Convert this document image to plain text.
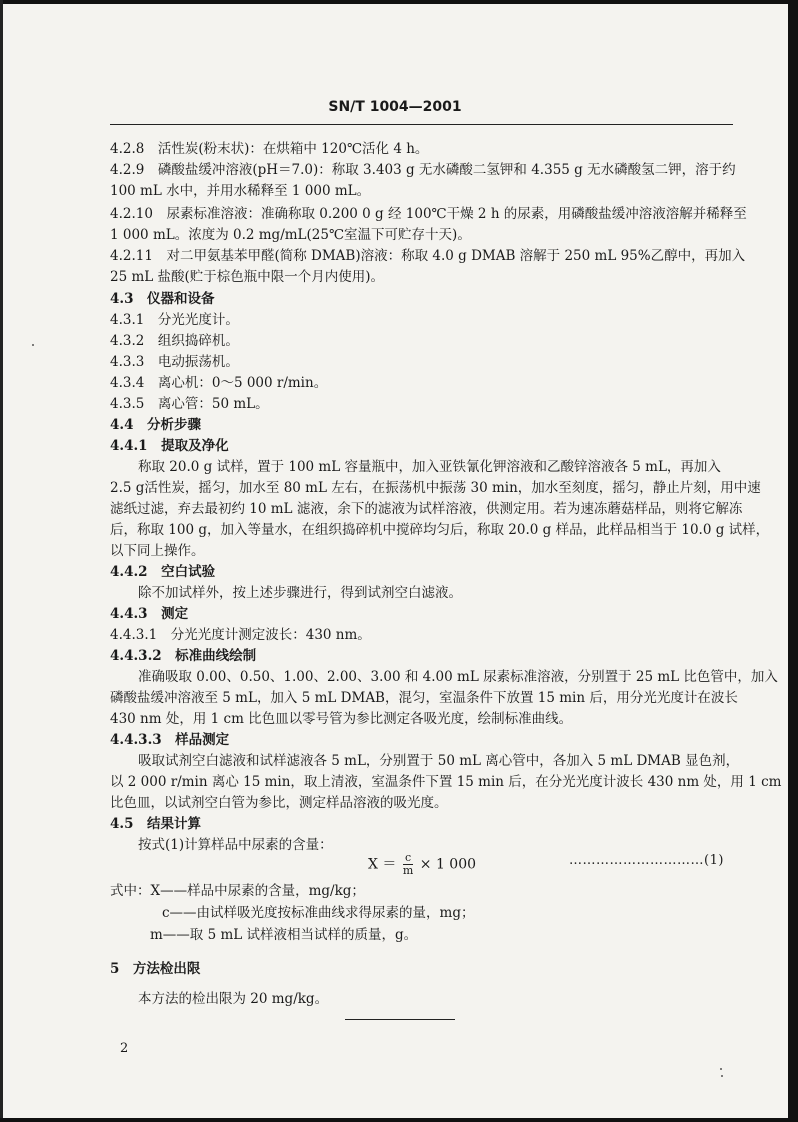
SN/T 1004—2001
4.2.8　活性炭(粉末状)：在烘箱中 120℃活化 4 h。
4.2.9　磷酸盐缓冲溶液(pH＝7.0)：称取 3.403 g 无水磷酸二氢钾和 4.355 g 无水磷酸氢二钾，溶于约
100 mL 水中，并用水稀释至 1 000 mL。
4.2.10　尿素标准溶液：准确称取 0.200 0 g 经 100℃干燥 2 h 的尿素，用磷酸盐缓冲溶液溶解并稀释至
1 000 mL。浓度为 0.2 mg/mL(25℃室温下可贮存十天)。
4.2.11　对二甲氨基苯甲醛(简称 DMAB)溶液：称取 4.0 g DMAB 溶解于 250 mL 95%乙醇中，再加入
25 mL 盐酸(贮于棕色瓶中限一个月内使用)。
4.3　仪器和设备
4.3.1　分光光度计。
4.3.2　组织捣碎机。
4.3.3　电动振荡机。
4.3.4　离心机：0～5 000 r/min。
4.3.5　离心管：50 mL。
4.4　分析步骤
4.4.1　提取及净化
称取 20.0 g 试样，置于 100 mL 容量瓶中，加入亚铁氰化钾溶液和乙酸锌溶液各 5 mL，再加入
2.5 g活性炭，摇匀，加水至 80 mL 左右，在振荡机中振荡 30 min，加水至刻度，摇匀，静止片刻，用中速
滤纸过滤，弃去最初约 10 mL 滤液，余下的滤液为试样溶液，供测定用。若为速冻蘑菇样品，则将它解冻
后，称取 100 g，加入等量水，在组织捣碎机中搅碎均匀后，称取 20.0 g 样品，此样品相当于 10.0 g 试样，
以下同上操作。
4.4.2　空白试验
除不加试样外，按上述步骤进行，得到试剂空白滤液。
4.4.3　测定
4.4.3.1　分光光度计测定波长：430 nm。
4.4.3.2　标准曲线绘制
准确吸取 0.00、0.50、1.00、2.00、3.00 和 4.00 mL 尿素标准溶液，分别置于 25 mL 比色管中，加入
磷酸盐缓冲溶液至 5 mL，加入 5 mL DMAB，混匀，室温条件下放置 15 min 后，用分光光度计在波长
430 nm 处，用 1 cm 比色皿以零号管为参比测定各吸光度，绘制标准曲线。
4.4.3.3　样品测定
吸取试剂空白滤液和试样滤液各 5 mL，分别置于 50 mL 离心管中，各加入 5 mL DMAB 显色剂，
以 2 000 r/min 离心 15 min，取上清液，室温条件下置 15 min 后，在分光光度计波长 430 nm 处，用 1 cm
比色皿，以试剂空白管为参比，测定样品溶液的吸光度。
4.5　结果计算
按式(1)计算样品中尿素的含量：
$X = \frac{c}{m} \times 1$ 000	…………………………(1)
式中：X——样品中尿素的含量，mg/kg；
c——由试样吸光度按标准曲线求得尿素的量，mg；
m——取 5 mL 试样液相当试样的质量，g。
5　方法检出限
本方法的检出限为 20 mg/kg。
2
